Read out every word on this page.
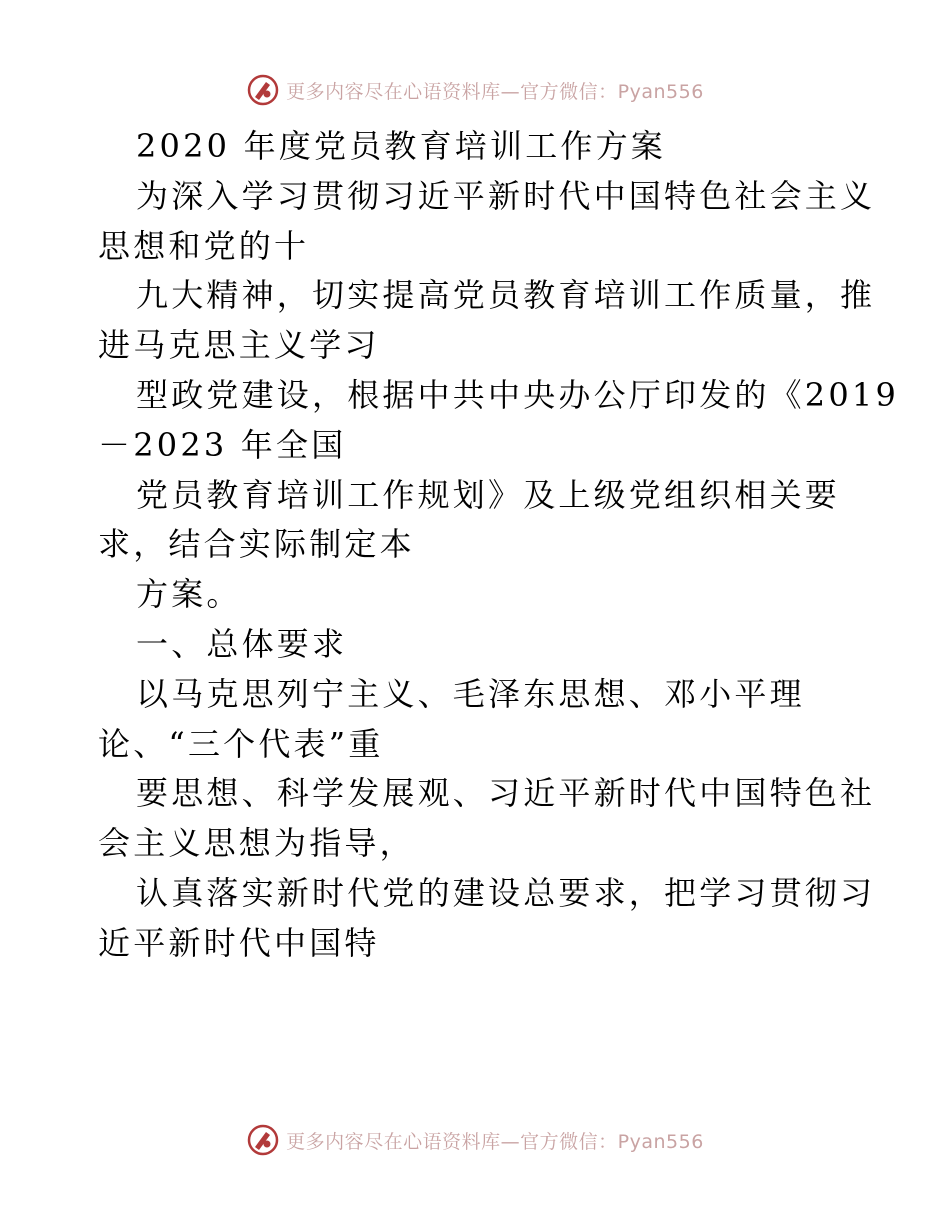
更多内容尽在心语资料库—官方微信：Pyan556
2020 年度党员教育培训工作方案
为深入学习贯彻习近平新时代中国特色社会主义
思想和党的十
九大精神，切实提高党员教育培训工作质量，推
进马克思主义学习
型政党建设，根据中共中央办公厅印发的《2019
－2023 年全国
党员教育培训工作规划》及上级党组织相关要
求，结合实际制定本
方案。
一、总体要求
以马克思列宁主义、毛泽东思想、邓小平理
论、“三个代表”重
要思想、科学发展观、习近平新时代中国特色社
会主义思想为指导，
认真落实新时代党的建设总要求，把学习贯彻习
近平新时代中国特
更多内容尽在心语资料库—官方微信：Pyan556
